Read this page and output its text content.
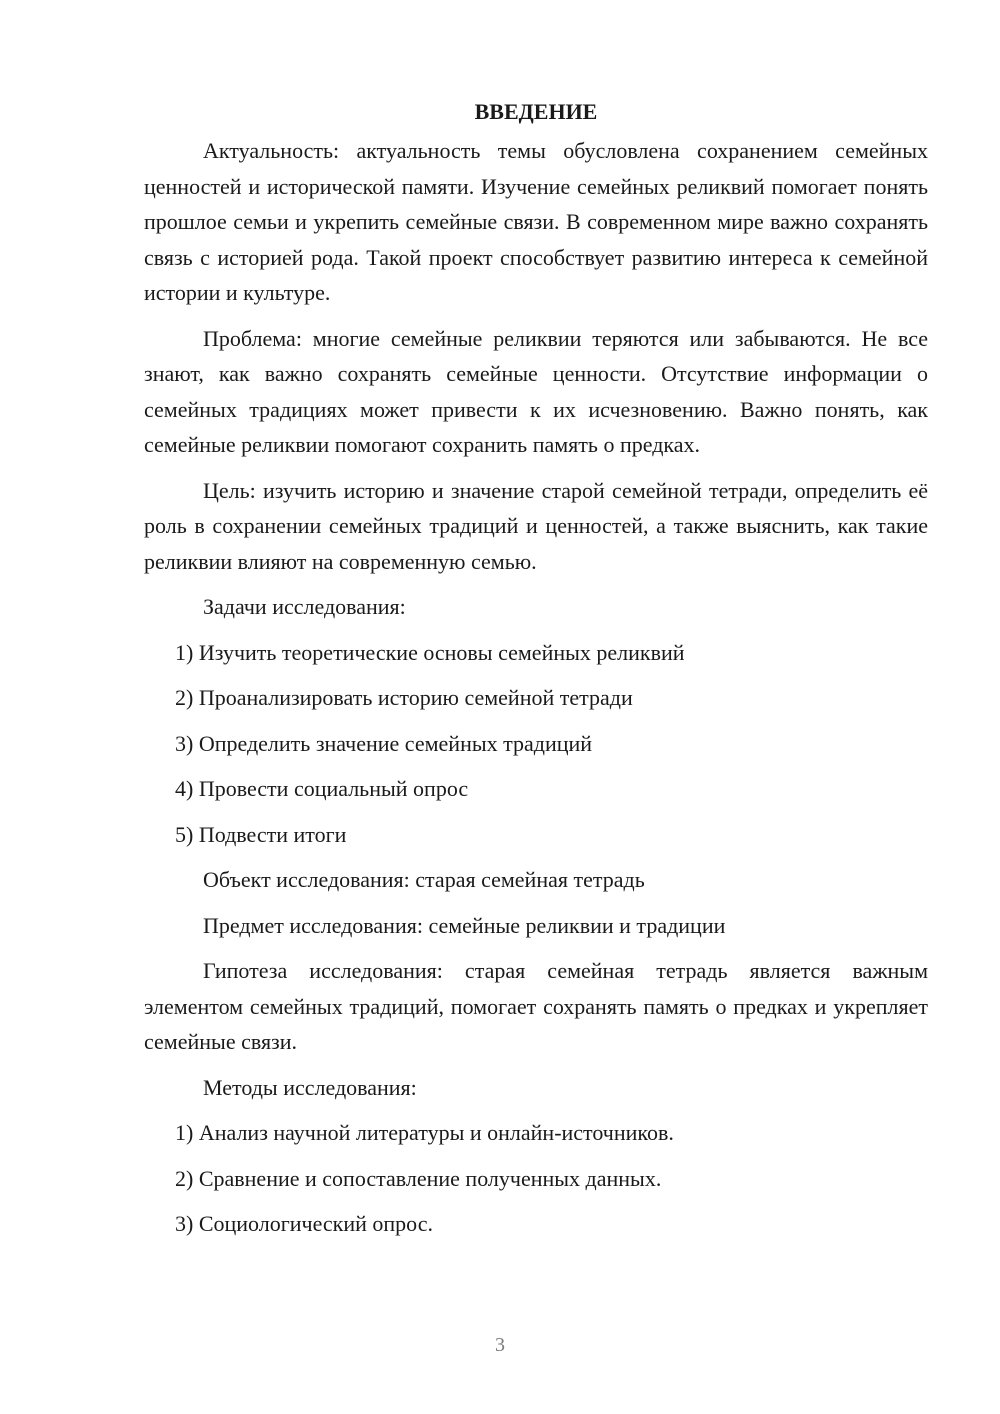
ВВЕДЕНИЕ

Актуальность: актуальность темы обусловлена сохранением семейных ценностей и исторической памяти. Изучение семейных реликвий помогает понять прошлое семьи и укрепить семейные связи. В современном мире важно сохранять связь с историей рода. Такой проект способствует развитию интереса к семейной истории и культуре.

Проблема: многие семейные реликвии теряются или забываются. Не все знают, как важно сохранять семейные ценности. Отсутствие информации о семейных традициях может привести к их исчезновению. Важно понять, как семейные реликвии помогают сохранить память о предках.

Цель: изучить историю и значение старой семейной тетради, определить её роль в сохранении семейных традиций и ценностей, а также выяснить, как такие реликвии влияют на современную семью.

Задачи исследования:
1) Изучить теоретические основы семейных реликвий
2) Проанализировать историю семейной тетради
3) Определить значение семейных традиций
4) Провести социальный опрос
5) Подвести итоги
Объект исследования: старая семейная тетрадь
Предмет исследования: семейные реликвии и традиции

Гипотеза исследования: старая семейная тетрадь является важным элементом семейных традиций, помогает сохранять память о предках и укрепляет семейные связи.

Методы исследования:
1) Анализ научной литературы и онлайн-источников.
2) Сравнение и сопоставление полученных данных.
3) Социологический опрос.
3
